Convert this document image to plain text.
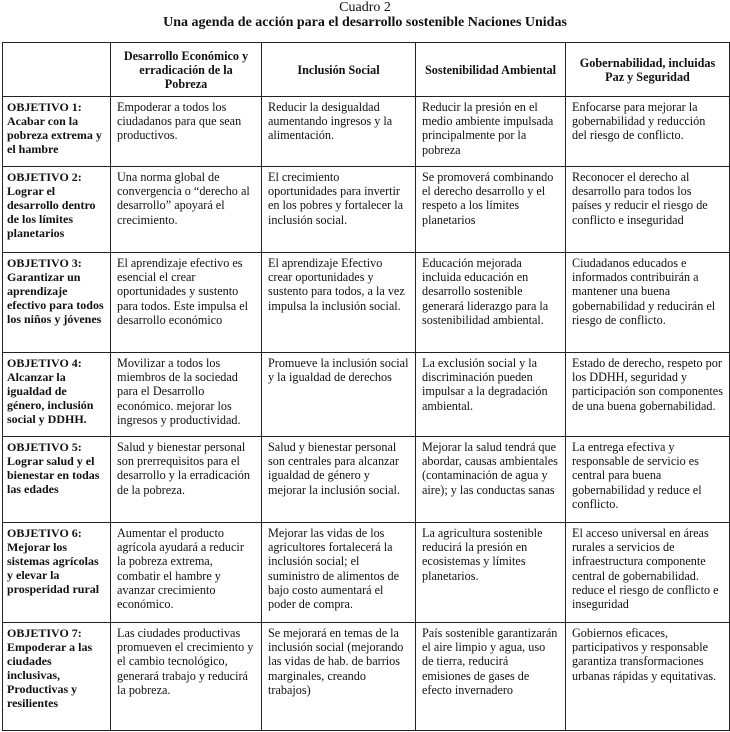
Cuadro 2
Una agenda de acción para el desarrollo sostenible Naciones Unidas
	Desarrollo Económico y erradicación de la Pobreza	Inclusión Social	Sostenibilidad Ambiental	Gobernabilidad, incluidas Paz y Seguridad
OBJETIVO 1: Acabar con la pobreza extrema y el hambre	Empoderar a todos los ciudadanos para que sean productivos.	Reducir la desigualdad aumentando ingresos y la alimentación.	Reducir la presión en el medio ambiente impulsada principalmente por la pobreza	Enfocarse para mejorar la gobernabilidad y reducción del riesgo de conflicto.
OBJETIVO 2: Lograr el desarrollo dentro de los límites planetarios	Una norma global de convergencia o “derecho al desarrollo” apoyará el crecimiento.	El crecimiento oportunidades para invertir en los pobres y fortalecer la inclusión social.	Se promoverá combinando el derecho desarrollo y el respeto a los límites planetarios	Reconocer el derecho al desarrollo para todos los países y reducir el riesgo de conflicto e inseguridad
OBJETIVO 3: Garantizar un aprendizaje efectivo para todos los niños y jóvenes	El aprendizaje efectivo es esencial el crear oportunidades y sustento para todos. Este impulsa el desarrollo económico	El aprendizaje Efectivo crear oportunidades y sustento para todos, a la vez impulsa la inclusión social.	Educación mejorada incluida educación en desarrollo sostenible generará liderazgo para la sostenibilidad ambiental.	Ciudadanos educados e informados contribuirán a mantener una buena gobernabilidad y reducirán el riesgo de conflicto.
OBJETIVO 4: Alcanzar la igualdad de género, inclusión social y DDHH.	Movilizar a todos los miembros de la sociedad para el Desarrollo económico. mejorar los ingresos y productividad.	Promueve la inclusión social y la igualdad de derechos	La exclusión social y la discriminación pueden impulsar a la degradación ambiental.	Estado de derecho, respeto por los DDHH, seguridad y participación son componentes de una buena gobernabilidad.
OBJETIVO 5: Lograr salud y el bienestar en todas las edades	Salud y bienestar personal son prerrequisitos para el desarrollo y la erradicación de la pobreza.	Salud y bienestar personal son centrales para alcanzar igualdad de género y mejorar la inclusión social.	Mejorar la salud tendrá que abordar, causas ambientales (contaminación de agua y aire); y las conductas sanas	La entrega efectiva y responsable de servicio es central para buena gobernabilidad y reduce el conflicto.
OBJETIVO 6: Mejorar los sistemas agrícolas y elevar la prosperidad rural	Aumentar el producto agrícola ayudará a reducir la pobreza extrema, combatir el hambre y avanzar crecimiento económico.	Mejorar las vidas de los agricultores fortalecerá la inclusión social; el suministro de alimentos de bajo costo aumentará el poder de compra.	La agricultura sostenible reducirá la presión en ecosistemas y límites planetarios.	El acceso universal en áreas rurales a servicios de infraestructura componente central de gobernabilidad. reduce el riesgo de conflicto e inseguridad
OBJETIVO 7: Empoderar a las ciudades inclusivas, Productivas y resilientes	Las ciudades productivas promueven el crecimiento y el cambio tecnológico, generará trabajo y reducirá la pobreza.	Se mejorará en temas de la inclusión social (mejorando las vidas de hab. de barrios marginales, creando trabajos)	País sostenible garantizarán el aire limpio y agua, uso de tierra, reducirá emisiones de gases de efecto invernadero	Gobiernos eficaces, participativos y responsable garantiza transformaciones urbanas rápidas y equitativas.
